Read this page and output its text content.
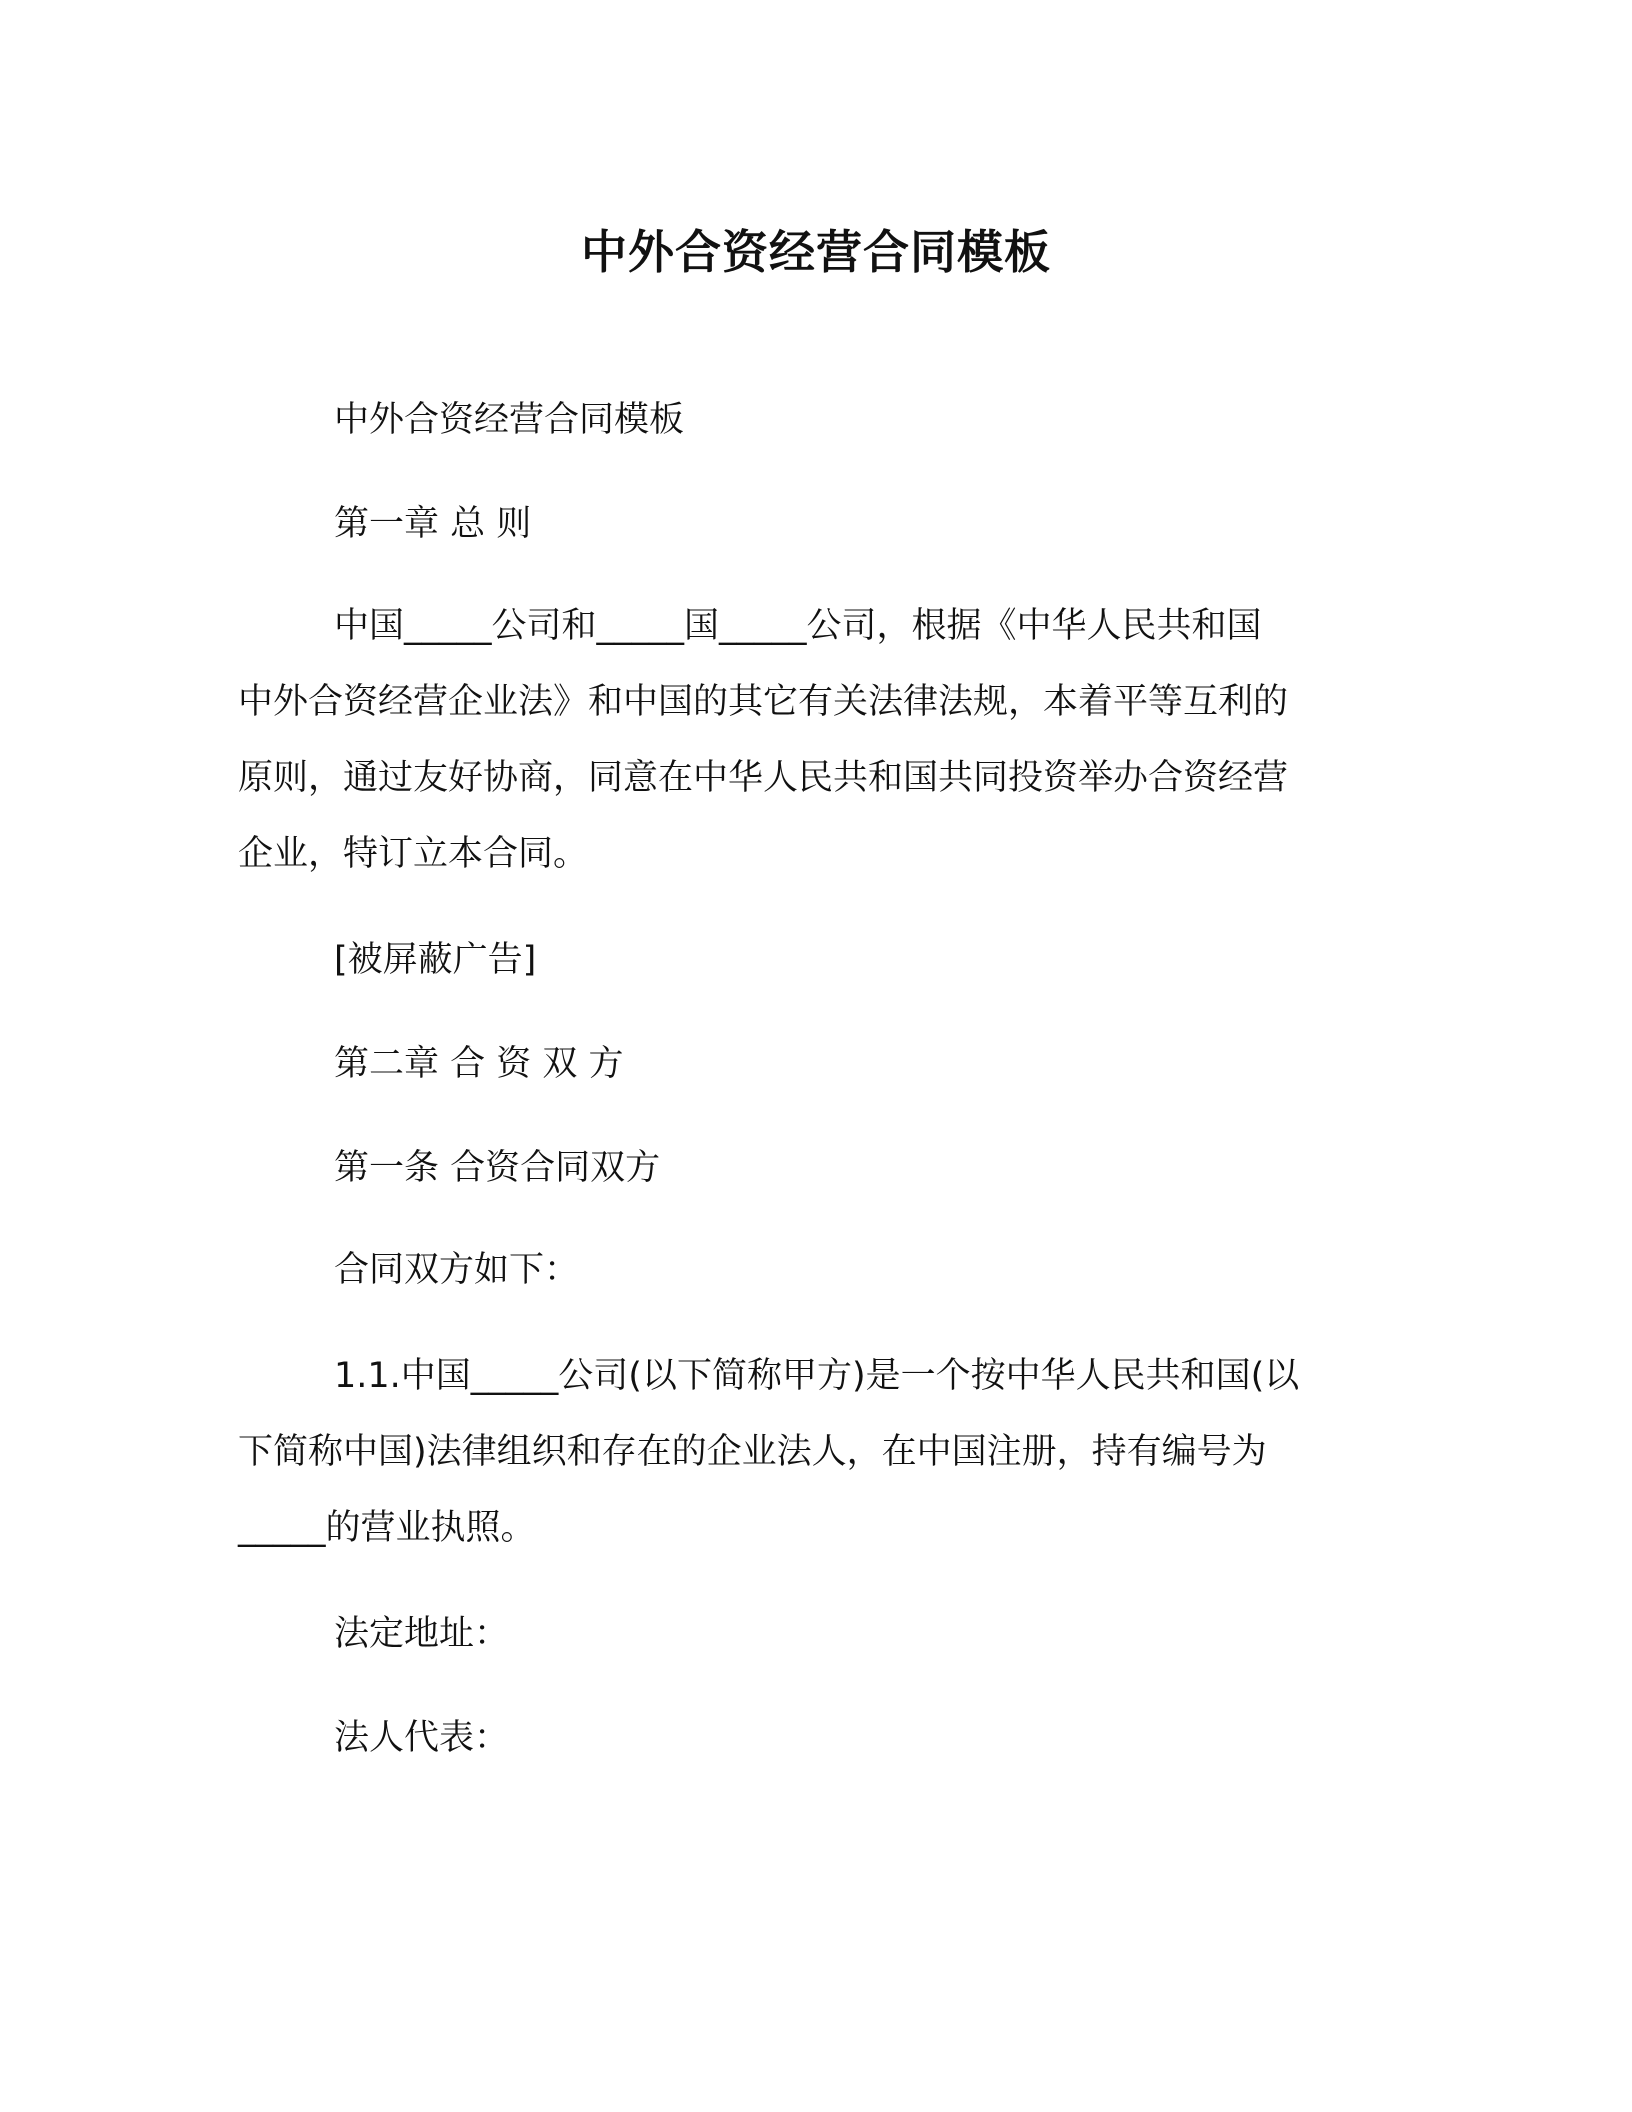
中外合资经营合同模板

中外合资经营合同模板

第一章 总 则

中国_____公司和_____国_____公司，根据《中华人民共和国

中外合资经营企业法》和中国的其它有关法律法规，本着平等互利的

原则，通过友好协商，同意在中华人民共和国共同投资举办合资经营

企业，特订立本合同。

[被屏蔽广告]

第二章 合 资 双 方

第一条 合资合同双方

合同双方如下：

1.1.中国_____公司(以下简称甲方)是一个按中华人民共和国(以

下简称中国)法律组织和存在的企业法人，在中国注册，持有编号为

_____的营业执照。

法定地址：

法人代表：
